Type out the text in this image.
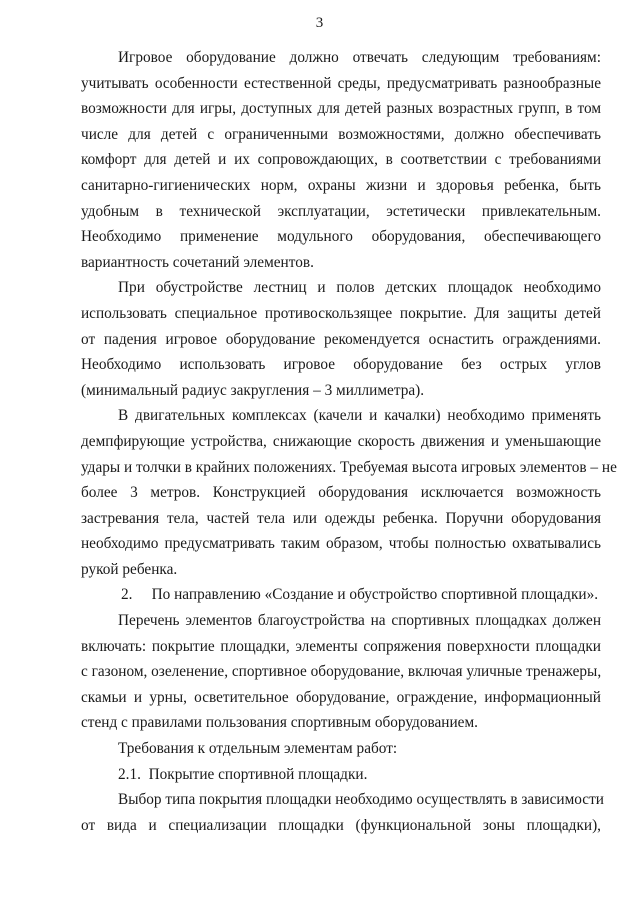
3
Игровое оборудование должно отвечать следующим требованиям:
учитывать особенности естественной среды, предусматривать разнообразные
возможности для игры, доступных для детей разных возрастных групп, в том
числе для детей с ограниченными возможностями, должно обеспечивать
комфорт для детей и их сопровождающих, в соответствии с требованиями
санитарно-гигиенических норм, охраны жизни и здоровья ребенка, быть
удобным в технической эксплуатации, эстетически привлекательным.
Необходимо применение модульного оборудования, обеспечивающего
вариантность сочетаний элементов.
При обустройстве лестниц и полов детских площадок необходимо
использовать специальное противоскользящее покрытие. Для защиты детей
от падения игровое оборудование рекомендуется оснастить ограждениями.
Необходимо использовать игровое оборудование без острых углов
(минимальный радиус закругления – 3 миллиметра).
В двигательных комплексах (качели и качалки) необходимо применять
демпфирующие устройства, снижающие скорость движения и уменьшающие
удары и толчки в крайних положениях. Требуемая высота игровых элементов – не
более 3 метров. Конструкцией оборудования исключается возможность
застревания тела, частей тела или одежды ребенка. Поручни оборудования
необходимо предусматривать таким образом, чтобы полностью охватывались
рукой ребенка.
2.     По направлению «Создание и обустройство спортивной площадки».
Перечень элементов благоустройства на спортивных площадках должен
включать: покрытие площадки, элементы сопряжения поверхности площадки
с газоном, озеленение, спортивное оборудование, включая уличные тренажеры,
скамьи и урны, осветительное оборудование, ограждение, информационный
стенд с правилами пользования спортивным оборудованием.
Требования к отдельным элементам работ:
2.1.  Покрытие спортивной площадки.
Выбор типа покрытия площадки необходимо осуществлять в зависимости
от вида и специализации площадки (функциональной зоны площадки),
